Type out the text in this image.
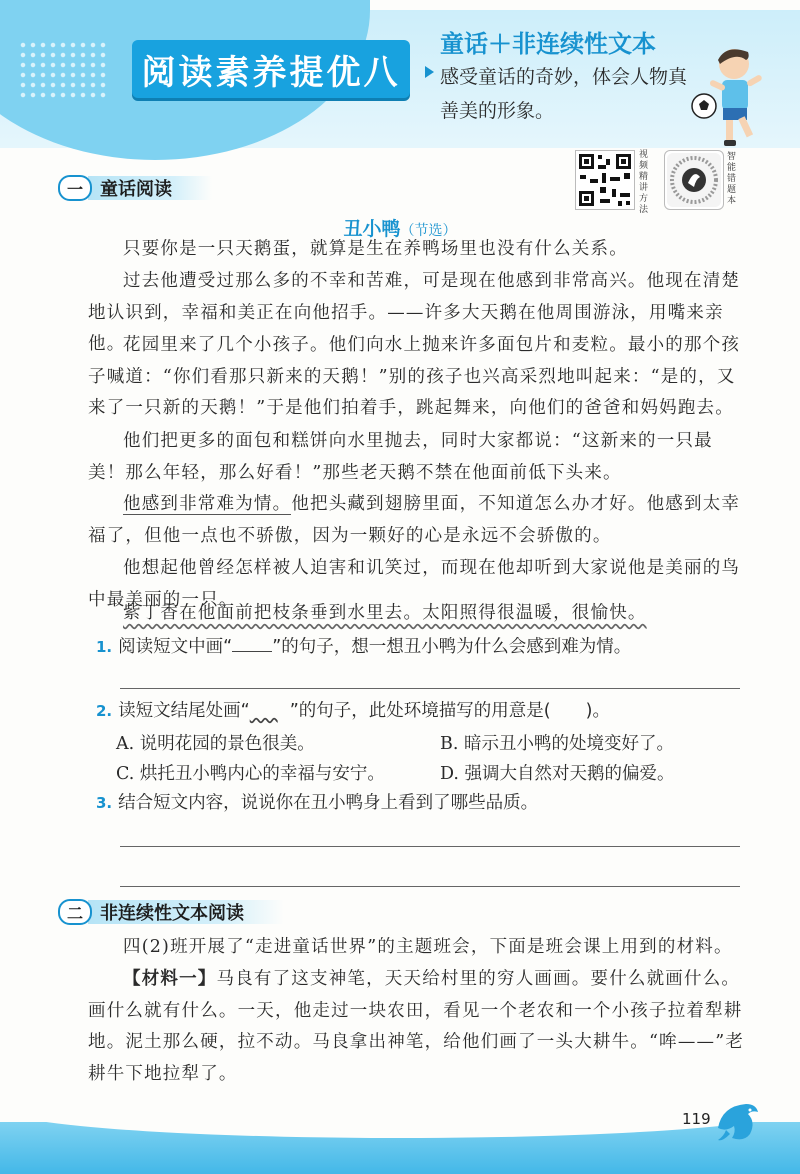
阅读素养提优八
童话＋非连续性文本
感受童话的奇妙，体会人物真善美的形象。
视频精讲方法
智能错题本
一 童话阅读
丑小鸭（节选）
只要你是一只天鹅蛋，就算是生在养鸭场里也没有什么关系。
过去他遭受过那么多的不幸和苦难，可是现在他感到非常高兴。他现在清楚地认识到，幸福和美正在向他招手。——许多大天鹅在他周围游泳，用嘴来亲他。
花园里来了几个小孩子。他们向水上抛来许多面包片和麦粒。最小的那个孩子喊道：“你们看那只新来的天鹅！”别的孩子也兴高采烈地叫起来：“是的，又来了一只新的天鹅！”于是他们拍着手，跳起舞来，向他们的爸爸和妈妈跑去。
他们把更多的面包和糕饼向水里抛去，同时大家都说：“这新来的一只最美！那么年轻，那么好看！”那些老天鹅不禁在他面前低下头来。
他感到非常难为情。他把头藏到翅膀里面，不知道怎么办才好。他感到太幸福了，但他一点也不骄傲，因为一颗好的心是永远不会骄傲的。
他想起他曾经怎样被人迫害和讥笑过，而现在他却听到大家说他是美丽的鸟中最美丽的一只。
紫丁香在他面前把枝条垂到水里去。太阳照得很温暖，很愉快。
1. 阅读短文中画“ ”的句子，想一想丑小鸭为什么会感到难为情。
2. 读短文结尾处画“         ”的句子，此处环境描写的用意是(　　)。
A. 说明花园的景色很美。	B. 暗示丑小鸭的处境变好了。
C. 烘托丑小鸭内心的幸福与安宁。	D. 强调大自然对天鹅的偏爱。
3. 结合短文内容，说说你在丑小鸭身上看到了哪些品质。
二 非连续性文本阅读
四(2)班开展了“走进童话世界”的主题班会，下面是班会课上用到的材料。
【材料一】马良有了这支神笔，天天给村里的穷人画画。要什么就画什么。画什么就有什么。一天，他走过一块农田，看见一个老农和一个小孩子拉着犁耕地。泥土那么硬，拉不动。马良拿出神笔，给他们画了一头大耕牛。“哞——”老耕牛下地拉犁了。
119
